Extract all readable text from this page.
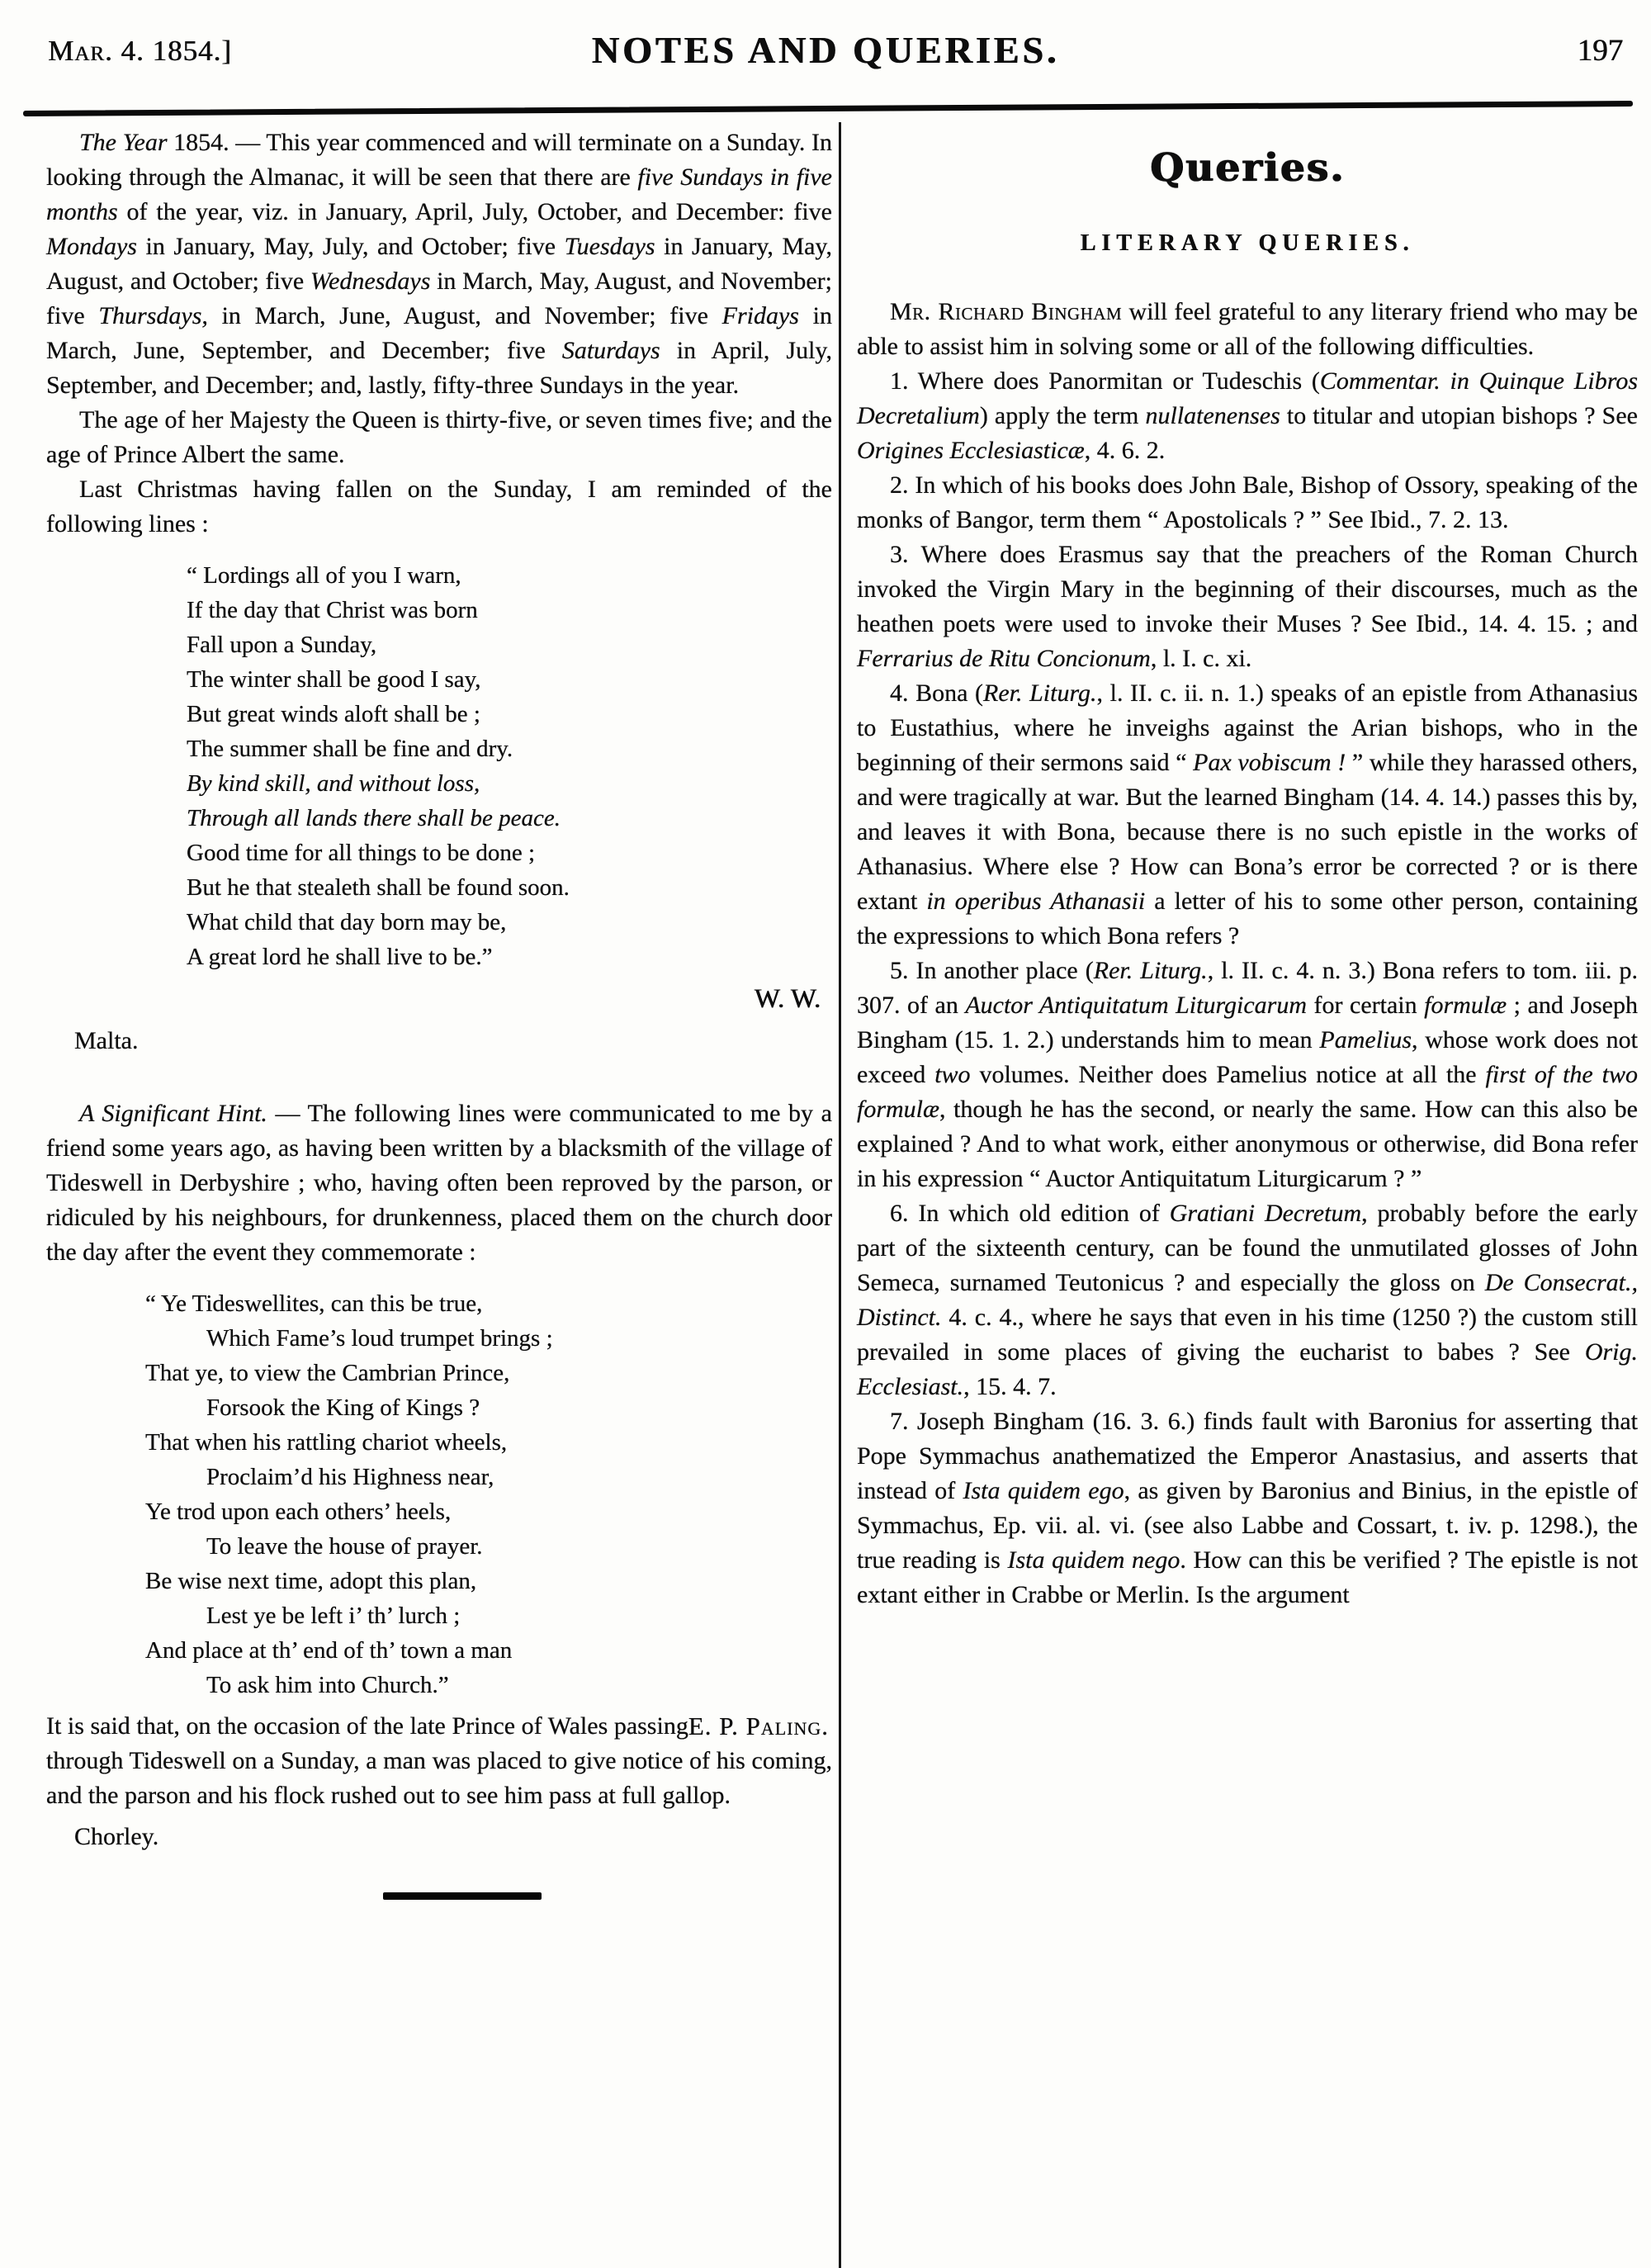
Mar. 4. 1854.]	NOTES AND QUERIES.	197

The Year 1854. — This year commenced and will terminate on a Sunday. In looking through the Almanac, it will be seen that there are five Sundays in five months of the year, viz. in January, April, July, October, and December: five Mondays in January, May, July, and October; five Tuesdays in January, May, August, and October; five Wednesdays in March, May, August, and November; five Thursdays, in March, June, August, and November; five Fridays in March, June, September, and December; five Saturdays in April, July, September, and December; and, lastly, fifty-three Sundays in the year.

The age of her Majesty the Queen is thirty-five, or seven times five; and the age of Prince Albert the same.

Last Christmas having fallen on the Sunday, I am reminded of the following lines :

“ Lordings all of you I warn,
If the day that Christ was born
Fall upon a Sunday,
The winter shall be good I say,
But great winds aloft shall be ;
The summer shall be fine and dry.
By kind skill, and without loss,
Through all lands there shall be peace.
Good time for all things to be done ;
But he that stealeth shall be found soon.
What child that day born may be,
A great lord he shall live to be.”
W. W.
Malta.

A Significant Hint. — The following lines were communicated to me by a friend some years ago, as having been written by a blacksmith of the village of Tideswell in Derbyshire ; who, having often been reproved by the parson, or ridiculed by his neighbours, for drunkenness, placed them on the church door the day after the event they commemorate :

“ Ye Tideswellites, can this be true,
Which Fame’s loud trumpet brings ;
That ye, to view the Cambrian Prince,
Forsook the King of Kings ?
That when his rattling chariot wheels,
Proclaim’d his Highness near,
Ye trod upon each others’ heels,
To leave the house of prayer.
Be wise next time, adopt this plan,
Lest ye be left i’ th’ lurch ;
And place at th’ end of th’ town a man
To ask him into Church.”

E. P. Paling.
It is said that, on the occasion of the late Prince of Wales passing through Tideswell on a Sunday, a man was placed to give notice of his coming, and the parson and his flock rushed out to see him pass at full gallop.

Chorley.
Queries.
LITERARY QUERIES.

Mr. Richard Bingham will feel grateful to any literary friend who may be able to assist him in solving some or all of the following difficulties.

1. Where does Panormitan or Tudeschis (Commentar. in Quinque Libros Decretalium) apply the term nullatenenses to titular and utopian bishops ? See Origines Ecclesiasticæ, 4. 6. 2.

2. In which of his books does John Bale, Bishop of Ossory, speaking of the monks of Bangor, term them “ Apostolicals ? ” See Ibid., 7. 2. 13.

3. Where does Erasmus say that the preachers of the Roman Church invoked the Virgin Mary in the beginning of their discourses, much as the heathen poets were used to invoke their Muses ? See Ibid., 14. 4. 15. ; and Ferrarius de Ritu Concionum, l. I. c. xi.

4. Bona (Rer. Liturg., l. II. c. ii. n. 1.) speaks of an epistle from Athanasius to Eustathius, where he inveighs against the Arian bishops, who in the beginning of their sermons said “ Pax vobiscum ! ” while they harassed others, and were tragically at war. But the learned Bingham (14. 4. 14.) passes this by, and leaves it with Bona, because there is no such epistle in the works of Athanasius. Where else ? How can Bona’s error be corrected ? or is there extant in operibus Athanasii a letter of his to some other person, containing the expressions to which Bona refers ?

5. In another place (Rer. Liturg., l. II. c. 4. n. 3.) Bona refers to tom. iii. p. 307. of an Auctor Antiquitatum Liturgicarum for certain formulæ ; and Joseph Bingham (15. 1. 2.) understands him to mean Pamelius, whose work does not exceed two volumes. Neither does Pamelius notice at all the first of the two formulæ, though he has the second, or nearly the same. How can this also be explained ? And to what work, either anonymous or otherwise, did Bona refer in his expression “ Auctor Antiquitatum Liturgicarum ? ”

6. In which old edition of Gratiani Decretum, probably before the early part of the sixteenth century, can be found the unmutilated glosses of John Semeca, surnamed Teutonicus ? and especially the gloss on De Consecrat., Distinct. 4. c. 4., where he says that even in his time (1250 ?) the custom still prevailed in some places of giving the eucharist to babes ? See Orig. Ecclesiast., 15. 4. 7.

7. Joseph Bingham (16. 3. 6.) finds fault with Baronius for asserting that Pope Symmachus anathematized the Emperor Anastasius, and asserts that instead of Ista quidem ego, as given by Baronius and Binius, in the epistle of Symmachus, Ep. vii. al. vi. (see also Labbe and Cossart, t. iv. p. 1298.), the true reading is Ista quidem nego. How can this be verified ? The epistle is not extant either in Crabbe or Merlin. Is the argument
